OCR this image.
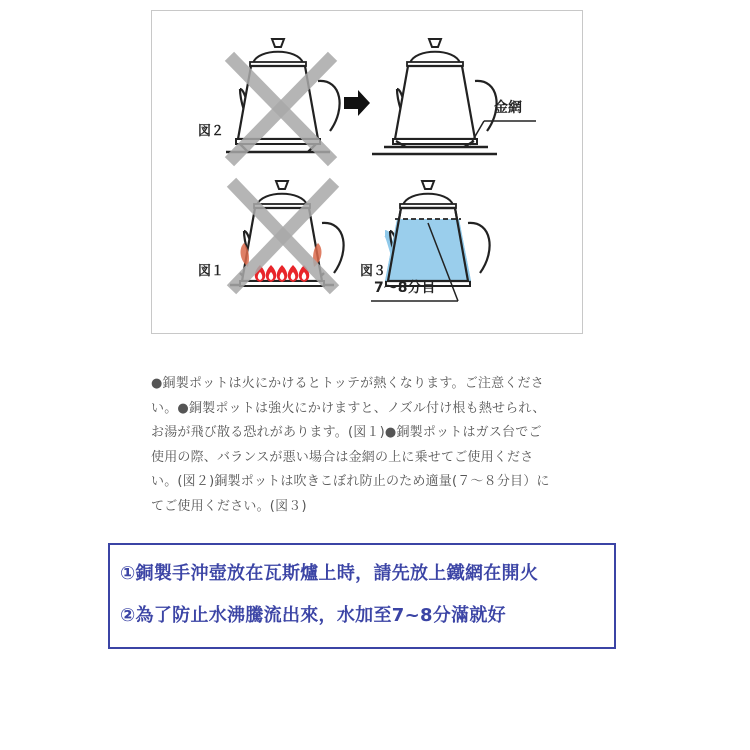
図２
図１	図３
金網
7～8分目

●銅製ポットは火にかけるとトッテが熱くなります。ご注意くださ

い。●銅製ポットは強火にかけますと、ノズル付け根も熱せられ、

お湯が飛び散る恐れがあります。(図１)●銅製ポットはガス台でご

使用の際、バランスが悪い場合は金網の上に乗せてご使用くださ

い。(図２)銅製ポットは吹きこぼれ防止のため適量(７～８分目）に

てご使用ください。(図３)

①銅製手沖壺放在瓦斯爐上時，請先放上鐵網在開火
②為了防止水沸騰流出來，水加至7~8分滿就好
